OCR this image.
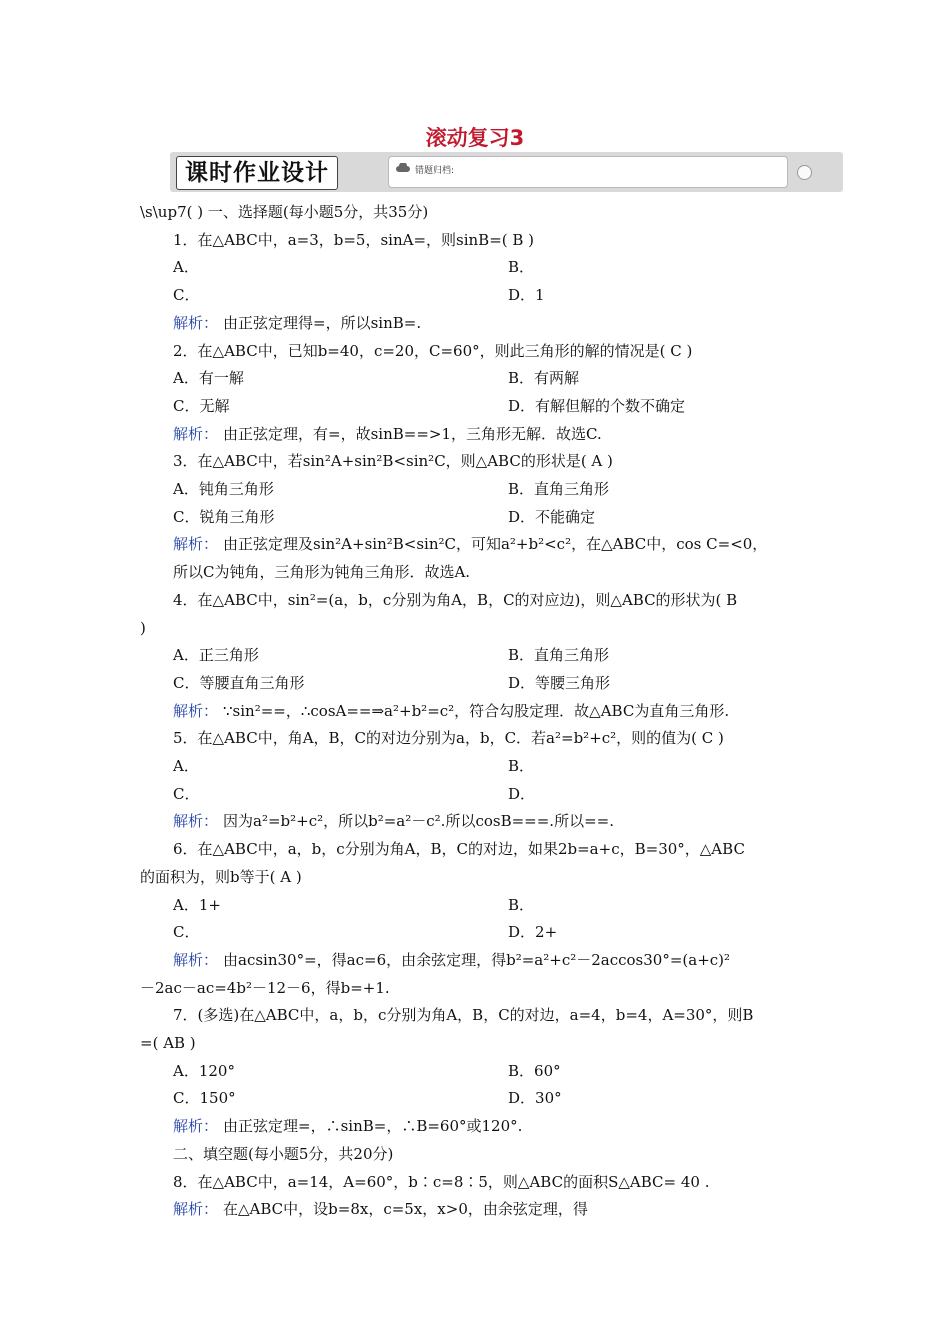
滚动复习3
课时作业设计	错题归档:
\s\up7( ) 一、选择题(每小题5分，共35分)
1．在△ABC中，a=3，b=5，sinA=，则sinB=( B )
A．	B．
C．	D．1
解析： 由正弦定理得=，所以sinB=.
2．在△ABC中，已知b=40，c=20，C=60°，则此三角形的解的情况是( C )
A．有一解	B．有两解
C．无解	D．有解但解的个数不确定
解析： 由正弦定理，有=，故sinB==>1，三角形无解．故选C.
3．在△ABC中，若sin²A+sin²B<sin²C，则△ABC的形状是( A )
A．钝角三角形	B．直角三角形
C．锐角三角形	D．不能确定
解析： 由正弦定理及sin²A+sin²B<sin²C，可知a²+b²<c²，在△ABC中，cos C=<0，
所以C为钝角，三角形为钝角三角形．故选A.
4．在△ABC中，sin²=(a，b，c分别为角A，B，C的对应边)，则△ABC的形状为( B
)
A．正三角形	B．直角三角形
C．等腰直角三角形	D．等腰三角形
解析： ∵sin²==，∴cosA==⇒a²+b²=c²，符合勾股定理．故△ABC为直角三角形.
5．在△ABC中，角A，B，C的对边分别为a，b，C．若a²=b²+c²，则的值为( C )
A．	B．
C．	D．
解析： 因为a²=b²+c²，所以b²=a²－c².所以cosB===.所以==.
6．在△ABC中，a，b，c分别为角A，B，C的对边，如果2b=a+c，B=30°，△ABC
的面积为，则b等于( A )
A．1+	B．
C．	D．2+
解析： 由acsin30°=，得ac=6，由余弦定理，得b²=a²+c²－2accos30°=(a+c)²
－2ac－ac=4b²－12－6，得b=+1.
7．(多选)在△ABC中，a，b，c分别为角A，B，C的对边，a=4，b=4，A=30°，则B
=( AB )
A．120°	B．60°
C．150°	D．30°
解析： 由正弦定理=，∴sinB=，∴B=60°或120°.
二、填空题(每小题5分，共20分)
8．在△ABC中，a=14，A=60°，b∶c=8∶5，则△ABC的面积S△ABC= 40 .
解析： 在△ABC中，设b=8x，c=5x，x>0，由余弦定理，得
